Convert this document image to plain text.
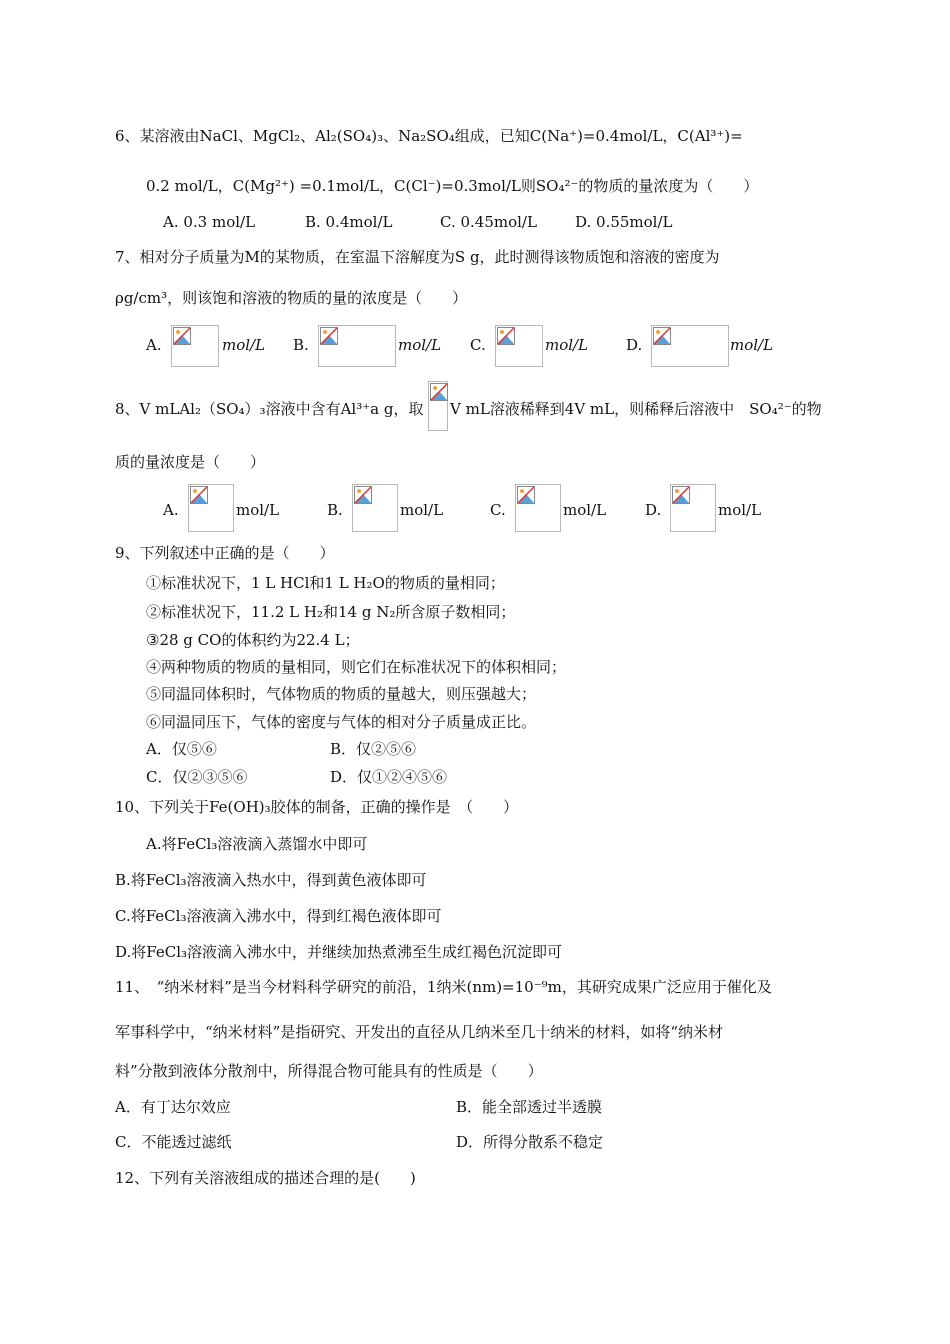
6、某溶液由NaCl、MgCl₂、Al₂(SO₄)₃、Na₂SO₄组成，已知C(Na⁺)=0.4mol/L，C(Al³⁺)=
0.2 mol/L，C(Mg²⁺) =0.1mol/L，C(Cl⁻)=0.3mol/L则SO₄²⁻的物质的量浓度为（　　）
A. 0.3 mol/L	B. 0.4mol/L	C. 0.45mol/L	D. 0.55mol/L
7、相对分子质量为M的某物质，在室温下溶解度为S g，此时测得该物质饱和溶液的密度为
ρg/cm³，则该饱和溶液的物质的量的浓度是（　　）
A.	mol/L B.	mol/L C.	mol/L	D.	mol/L
8、V mLAl₂（SO₄）₃溶液中含有Al³⁺a g，取 V mL溶液稀释到4V mL，则稀释后溶液中　SO₄²⁻的物
质的量浓度是（　　）
A.	mol/L	B.	mol/L	C.	mol/L	D.	mol/L
9、下列叙述中正确的是（　　）
①标准状况下，1 L HCl和1 L H₂O的物质的量相同；
②标准状况下，11.2 L H₂和14 g N₂所含原子数相同；
③28 g CO的体积约为22.4 L；
④两种物质的物质的量相同，则它们在标准状况下的体积相同；
⑤同温同体积时，气体物质的物质的量越大，则压强越大；
⑥同温同压下，气体的密度与气体的相对分子质量成正比。
A．仅⑤⑥	B．仅②⑤⑥
C．仅②③⑤⑥	D．仅①②④⑤⑥
10、下列关于Fe(OH)₃胶体的制备，正确的操作是　（　　）
A.将FeCl₃溶液滴入蒸馏水中即可
B.将FeCl₃溶液滴入热水中，得到黄色液体即可
C.将FeCl₃溶液滴入沸水中，得到红褐色液体即可
D.将FeCl₃溶液滴入沸水中，并继续加热煮沸至生成红褐色沉淀即可
11、　“纳米材料”是当今材料科学研究的前沿，1纳米(nm)=10⁻⁹m，其研究成果广泛应用于催化及
军事科学中，“纳米材料”是指研究、开发出的直径从几纳米至几十纳米的材料，如将“纳米材
料”分散到液体分散剂中，所得混合物可能具有的性质是（　　）
A．有丁达尔效应	B．能全部透过半透膜
C．不能透过滤纸	D．所得分散系不稳定
12、下列有关溶液组成的描述合理的是(　　)
